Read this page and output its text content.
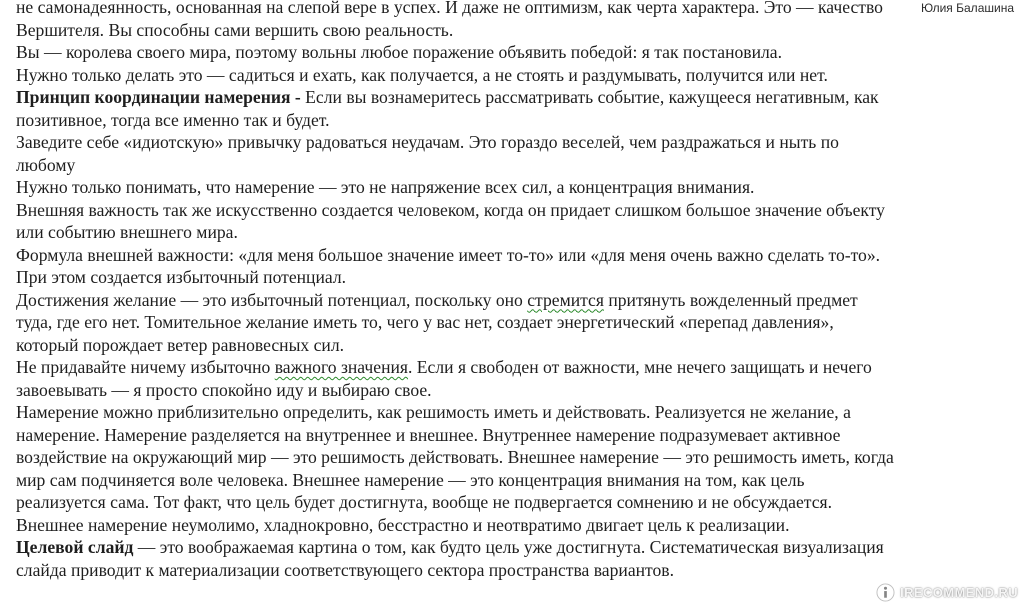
не самонадеянность, основанная на слепой вере в успех. И даже не оптимизм, как черта характера. Это — качество
Вершителя. Вы способны сами вершить свою реальность.
Вы — королева своего мира, поэтому вольны любое поражение объявить победой: я так постановила.
Нужно только делать это — садиться и ехать, как получается, а не стоять и раздумывать, получится или нет.
Принцип координации намерения - Если вы вознамеритесь рассматривать событие, кажущееся негативным, как
позитивное, тогда все именно так и будет.
Заведите себе «идиотскую» привычку радоваться неудачам. Это гораздо веселей, чем раздражаться и ныть по
любому
Нужно только понимать, что намерение — это не напряжение всех сил, а концентрация внимания.
Внешняя важность так же искусственно создается человеком, когда он придает слишком большое значение объекту
или событию внешнего мира.
Формула внешней важности: «для меня большое значение имеет то-то» или «для меня очень важно сделать то-то».
При этом создается избыточный потенциал.
Достижения желание — это избыточный потенциал, поскольку оно стремится притянуть вожделенный предмет
туда, где его нет. Томительное желание иметь то, чего у вас нет, создает энергетический «перепад давления»,
который порождает ветер равновесных сил.
Не придавайте ничему избыточно важного значения. Если я свободен от важности, мне нечего защищать и нечего
завоевывать — я просто спокойно иду и выбираю свое.
Намерение можно приблизительно определить, как решимость иметь и действовать. Реализуется не желание, а
намерение. Намерение разделяется на внутреннее и внешнее. Внутреннее намерение подразумевает активное
воздействие на окружающий мир — это решимость действовать. Внешнее намерение — это решимость иметь, когда
мир сам подчиняется воле человека. Внешнее намерение — это концентрация внимания на том, как цель
реализуется сама. Тот факт, что цель будет достигнута, вообще не подвергается сомнению и не обсуждается.
Внешнее намерение неумолимо, хладнокровно, бесстрастно и неотвратимо двигает цель к реализации.
Целевой слайд — это воображаемая картина о том, как будто цель уже достигнута. Систематическая визуализация
слайда приводит к материализации соответствующего сектора пространства вариантов.
Юлия Балашина
IRECOMMEND.RU
